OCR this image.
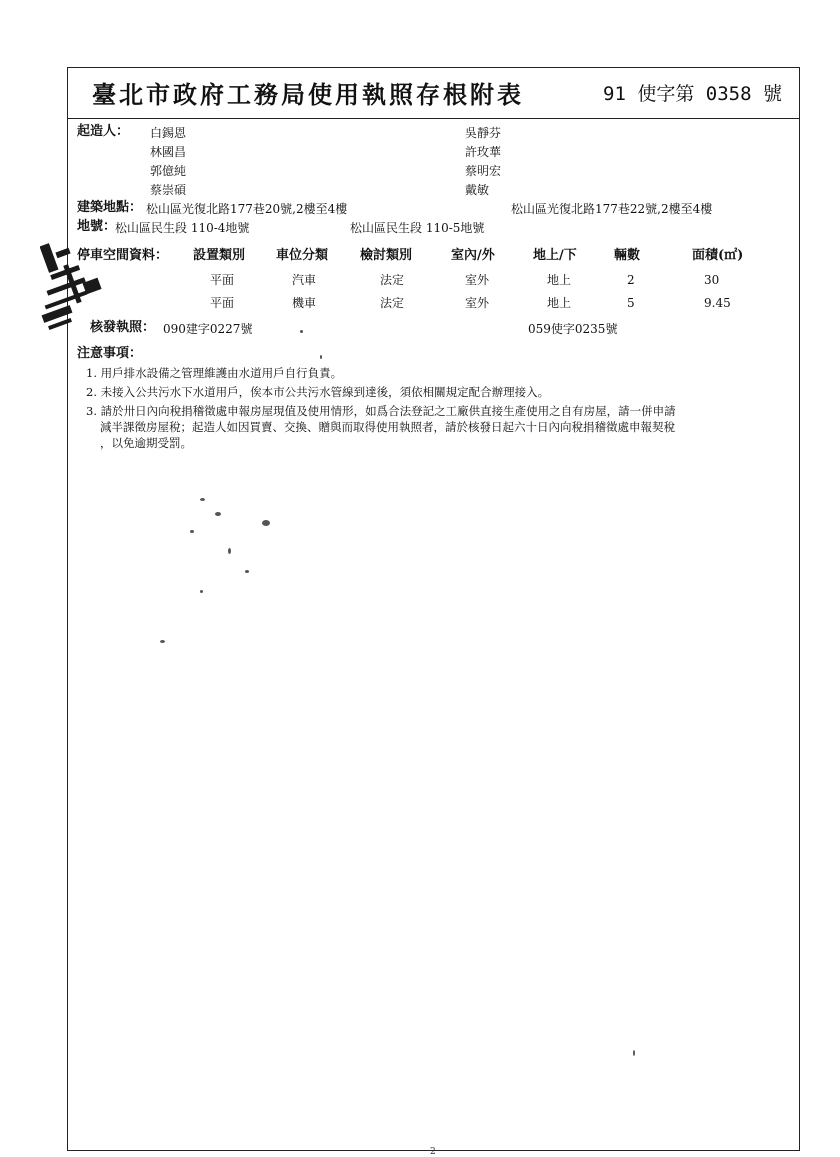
臺北市政府工務局使用執照存根附表	91 使字第 0358 號
起造人： 白錫恩	吳靜芬
林國昌	許玫華
郭億純	蔡明宏
蔡崇碩	戴敏
建築地點： 松山區光復北路177巷20號,2樓至4樓	松山區光復北路177巷22號,2樓至4樓
地號：
松山區民生段 110-4地號	松山區民生段 110-5地號
停車空間資料： 設置類別 車位分類 檢討類別	室內/外	地上/下	輛數	面積(㎡)
平面	汽車	法定	室外	地上	2	30
平面	機車	法定	室外	地上	5	9.45
核發執照： 090建字0227號	059使字0235號
注意事項：
1. 用戶排水設備之管理維護由水道用戶自行負責。
2. 未接入公共污水下水道用戶，俟本市公共污水管線到達後，須依相關規定配合辦理接入。
3. 請於卅日內向稅捐稽徵處申報房屋現值及使用情形，如爲合法登記之工廠供直接生產使用之自有房屋，請一併申請
減半課徵房屋稅；起造人如因買賣、交換、贈與而取得使用執照者，請於核發日起六十日內向稅捐稽徵處申報契稅
，以免逾期受罰。
2
